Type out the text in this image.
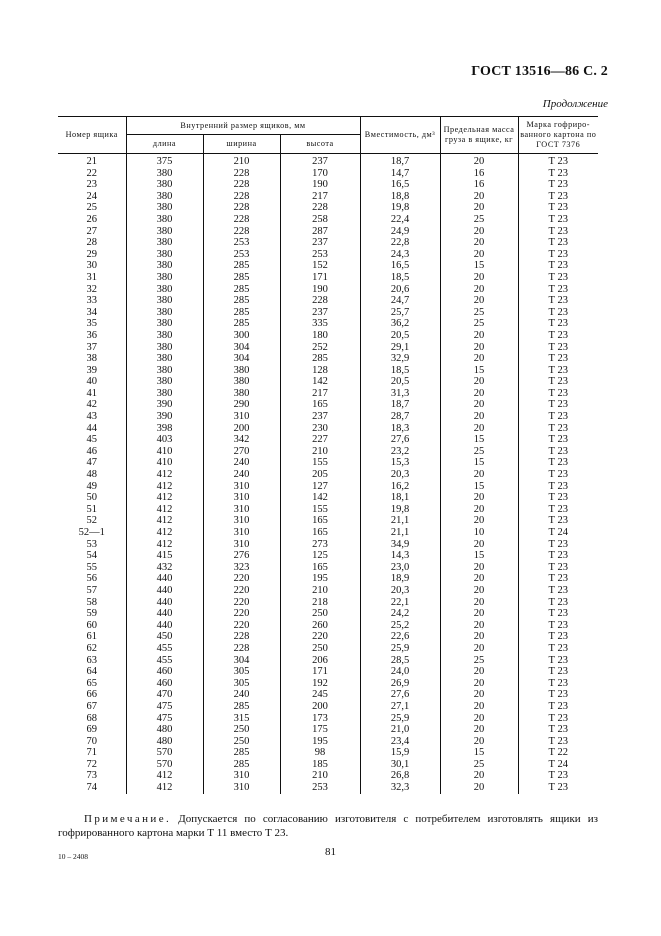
ГОСТ 13516—86 С. 2
Продолжение
Номер ящика	Внутренний размер ящиков, мм			Вместимость, дм³	Предельная масса груза в ящике, кг	Марка гофриро-ванного картона по ГОСТ 7376
	длина	ширина	высота			
21	375	210	237	18,7	20	Т 23
22	380	228	170	14,7	16	Т 23
23	380	228	190	16,5	16	Т 23
24	380	228	217	18,8	20	Т 23
25	380	228	228	19,8	20	Т 23
26	380	228	258	22,4	25	Т 23
27	380	228	287	24,9	20	Т 23
28	380	253	237	22,8	20	Т 23
29	380	253	253	24,3	20	Т 23
30	380	285	152	16,5	15	Т 23
31	380	285	171	18,5	20	Т 23
32	380	285	190	20,6	20	Т 23
33	380	285	228	24,7	20	Т 23
34	380	285	237	25,7	25	Т 23
35	380	285	335	36,2	25	Т 23
36	380	300	180	20,5	20	Т 23
37	380	304	252	29,1	20	Т 23
38	380	304	285	32,9	20	Т 23
39	380	380	128	18,5	15	Т 23
40	380	380	142	20,5	20	Т 23
41	380	380	217	31,3	20	Т 23
42	390	290	165	18,7	20	Т 23
43	390	310	237	28,7	20	Т 23
44	398	200	230	18,3	20	Т 23
45	403	342	227	27,6	15	Т 23
46	410	270	210	23,2	25	Т 23
47	410	240	155	15,3	15	Т 23
48	412	240	205	20,3	20	Т 23
49	412	310	127	16,2	15	Т 23
50	412	310	142	18,1	20	Т 23
51	412	310	155	19,8	20	Т 23
52	412	310	165	21,1	20	Т 23
52—1	412	310	165	21,1	10	Т 24
53	412	310	273	34,9	20	Т 23
54	415	276	125	14,3	15	Т 23
55	432	323	165	23,0	20	Т 23
56	440	220	195	18,9	20	Т 23
57	440	220	210	20,3	20	Т 23
58	440	220	218	22,1	20	Т 23
59	440	220	250	24,2	20	Т 23
60	440	220	260	25,2	20	Т 23
61	450	228	220	22,6	20	Т 23
62	455	228	250	25,9	20	Т 23
63	455	304	206	28,5	25	Т 23
64	460	305	171	24,0	20	Т 23
65	460	305	192	26,9	20	Т 23
66	470	240	245	27,6	20	Т 23
67	475	285	200	27,1	20	Т 23
68	475	315	173	25,9	20	Т 23
69	480	250	175	21,0	20	Т 23
70	480	250	195	23,4	20	Т 23
71	570	285	98	15,9	15	Т 22
72	570	285	185	30,1	25	Т 24
73	412	310	210	26,8	20	Т 23
74	412	310	253	32,3	20	Т 23
Примечание. Допускается по согласованию изготовителя с потребителем изготовлять ящики из гофрированного картона марки Т 11 вместо Т 23.
10 – 2408	81
